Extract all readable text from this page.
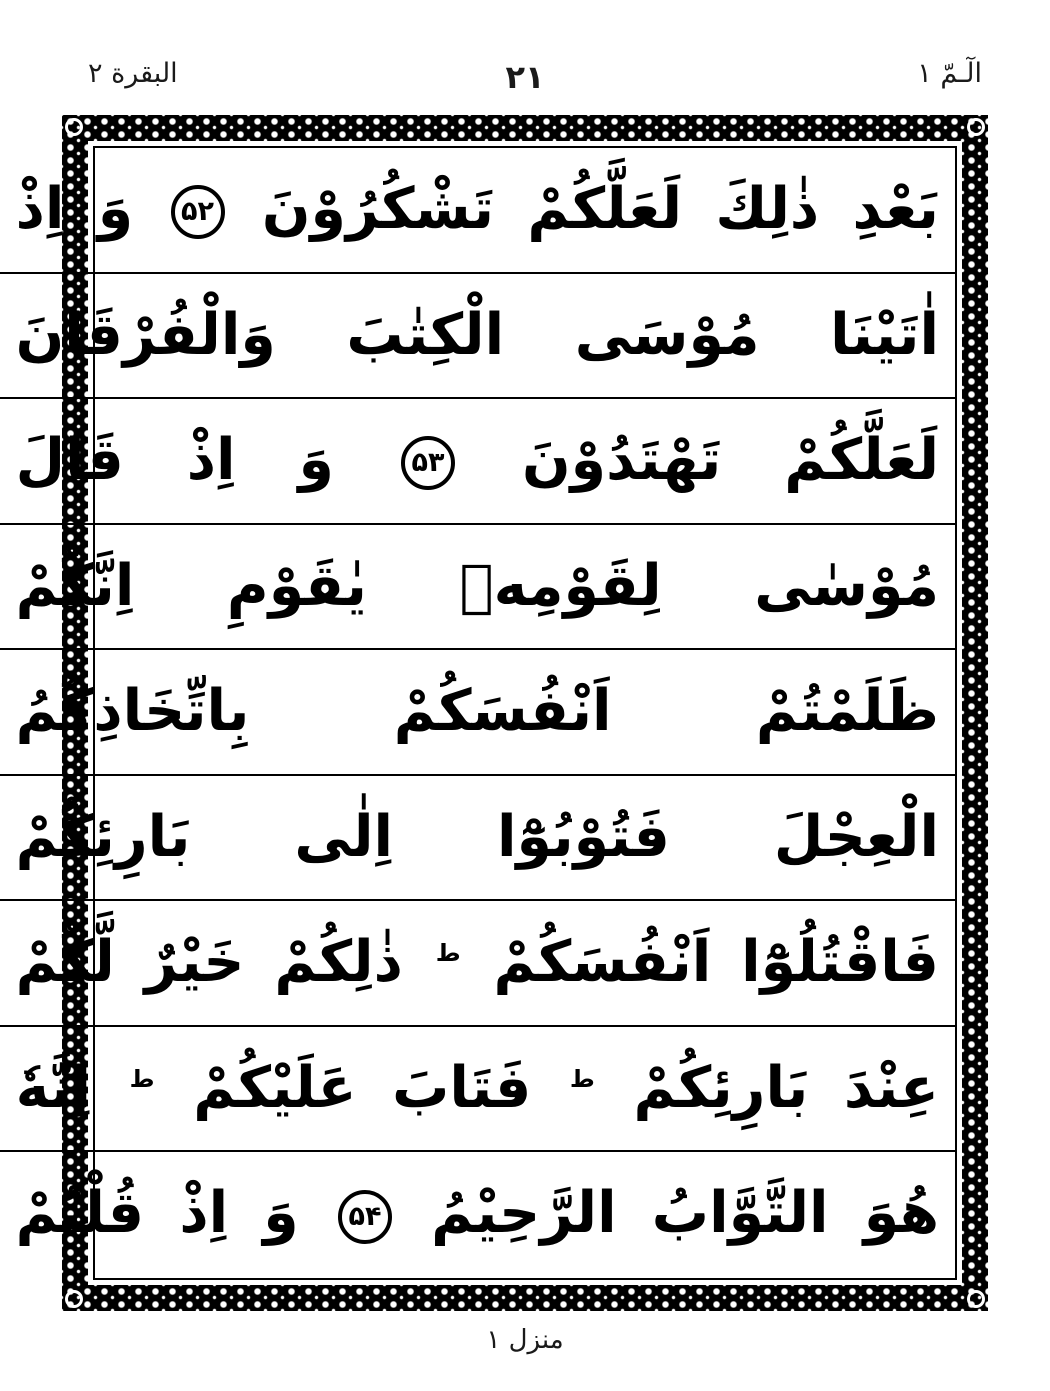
الٓـمّ ۱
۲۱
البقرة ۲
بَعْدِ ذٰلِكَ لَعَلَّكُمْ تَشْكُرُوْنَ ۵۲ وَ اِذْ
اٰتَيْنَا مُوْسَى الْكِتٰبَ وَالْفُرْقَانَ
لَعَلَّكُمْ تَهْتَدُوْنَ ۵۳ وَ اِذْ قَالَ
مُوْسٰى لِقَوْمِهٖ يٰقَوْمِ اِنَّكُمْ
ظَلَمْتُمْ اَنْفُسَكُمْ بِاتِّخَاذِكُمُ
الْعِجْلَ فَتُوْبُوْٓا اِلٰى بَارِئِكُمْ
فَاقْتُلُوْٓا اَنْفُسَكُمْ ط ذٰلِكُمْ خَيْرٌ لَّكُمْ
عِنْدَ بَارِئِكُمْ ط فَتَابَ عَلَيْكُمْ ط اِنَّهٗ
هُوَ التَّوَّابُ الرَّحِيْمُ ۵۴ وَ اِذْ قُلْتُمْ
منزل ۱
